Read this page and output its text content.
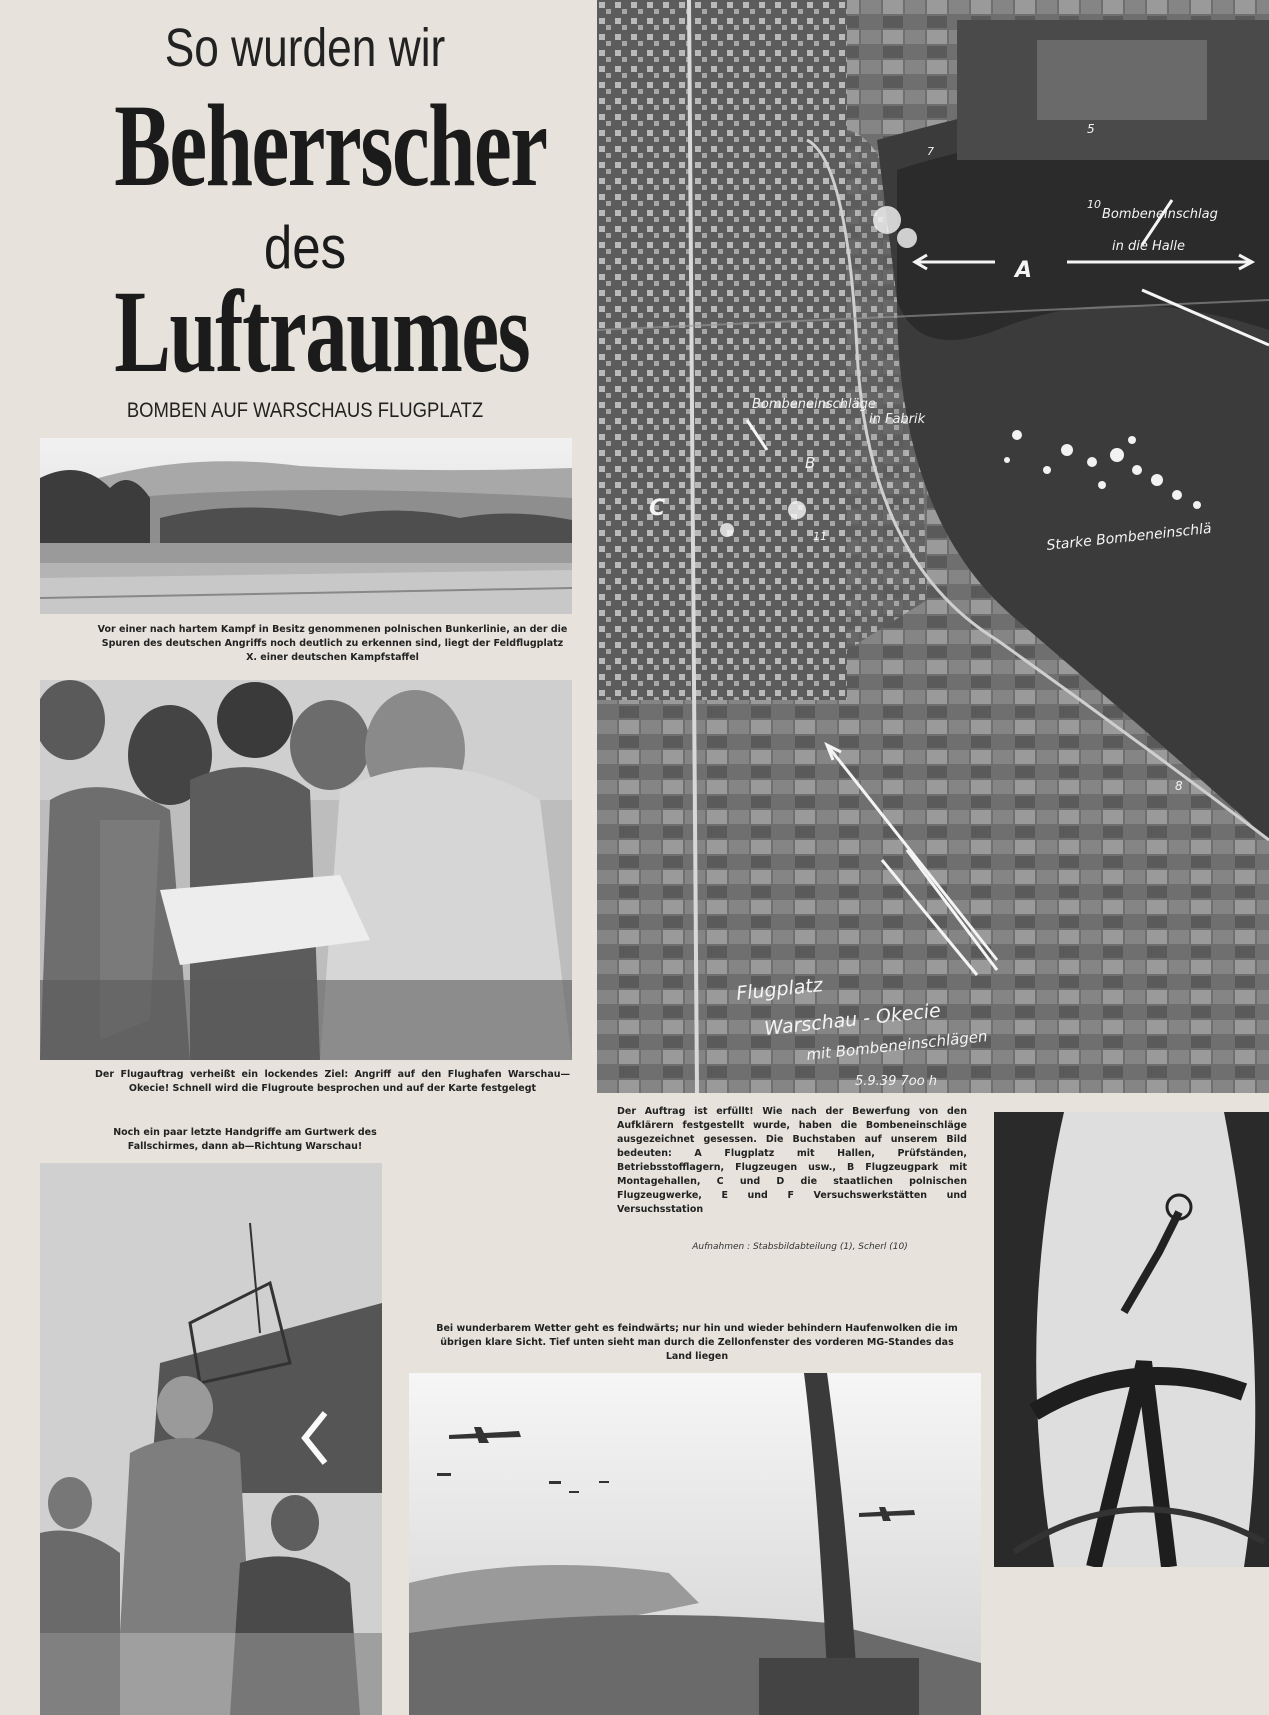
So wurden wir
Beherrscher
des
Luftraumes
BOMBEN AUF WARSCHAUS FLUGPLATZ
Vor einer nach hartem Kampf in Besitz genommenen polnischen Bunkerlinie, an der die Spuren des deutschen Angriffs noch deutlich zu erkennen sind, liegt der Feldflugplatz X. einer deutschen Kampfstaffel
Der Flugauftrag verheißt ein lockendes Ziel: Angriff auf den Flughafen Warschau—Okecie! Schnell wird die Flugroute besprochen und auf der Karte festgelegt
Noch ein paar letzte Handgriffe am Gurtwerk des Fallschirmes, dann ab—Richtung Warschau!
Bombeneinschlag
in die Halle
Bombeneinschläge
in Fabrik
Starke Bombeneinschlä
Flugplatz
Warschau - Okecie
mit Bombeneinschlägen
5.9.39 7oo h
A
B
C
5
10
8
7
11
Der Auftrag ist erfüllt! Wie nach der Bewerfung von den Aufklärern festgestellt wurde, haben die Bombeneinschläge ausgezeichnet gesessen. Die Buchstaben auf unserem Bild bedeuten: A Flugplatz mit Hallen, Prüfständen, Betriebsstofflagern, Flugzeugen usw., B Flugzeugpark mit Montagehallen, C und D die staatlichen polnischen Flugzeugwerke, E und F Versuchswerkstätten und Versuchsstation
Aufnahmen : Stabsbildabteilung (1), Scherl (10)
Bei wunderbarem Wetter geht es feindwärts; nur hin und wieder behindern Haufenwolken die im übrigen klare Sicht. Tief unten sieht man durch die Zellonfenster des vorderen MG-Standes das Land liegen
